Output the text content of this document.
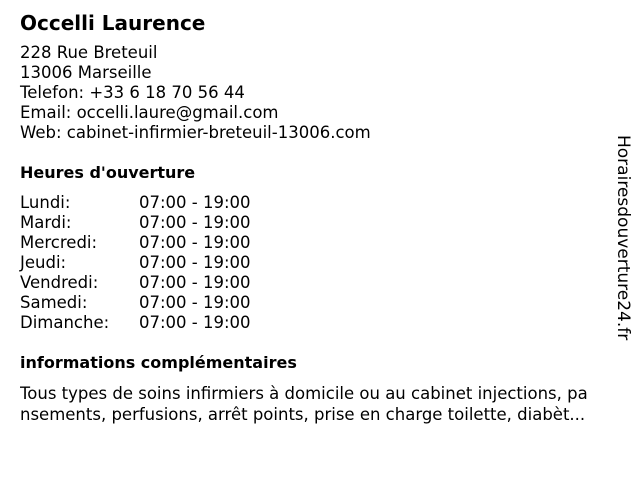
Occelli Laurence
228 Rue Breteuil
13006 Marseille
Telefon: +33 6 18 70 56 44
Email: occelli.laure@gmail.com
Web: cabinet-infirmier-breteuil-13006.com
Heures d'ouverture
Lundi:	07:00 - 19:00
Mardi:	07:00 - 19:00
Mercredi:	07:00 - 19:00
Jeudi:	07:00 - 19:00
Vendredi:	07:00 - 19:00
Samedi:	07:00 - 19:00
Dimanche:	07:00 - 19:00
informations complémentaires
Tous types de soins infirmiers à domicile ou au cabinet injections, pa
nsements, perfusions, arrêt points, prise en charge toilette, diabèt...
Horairesdouverture24.fr
